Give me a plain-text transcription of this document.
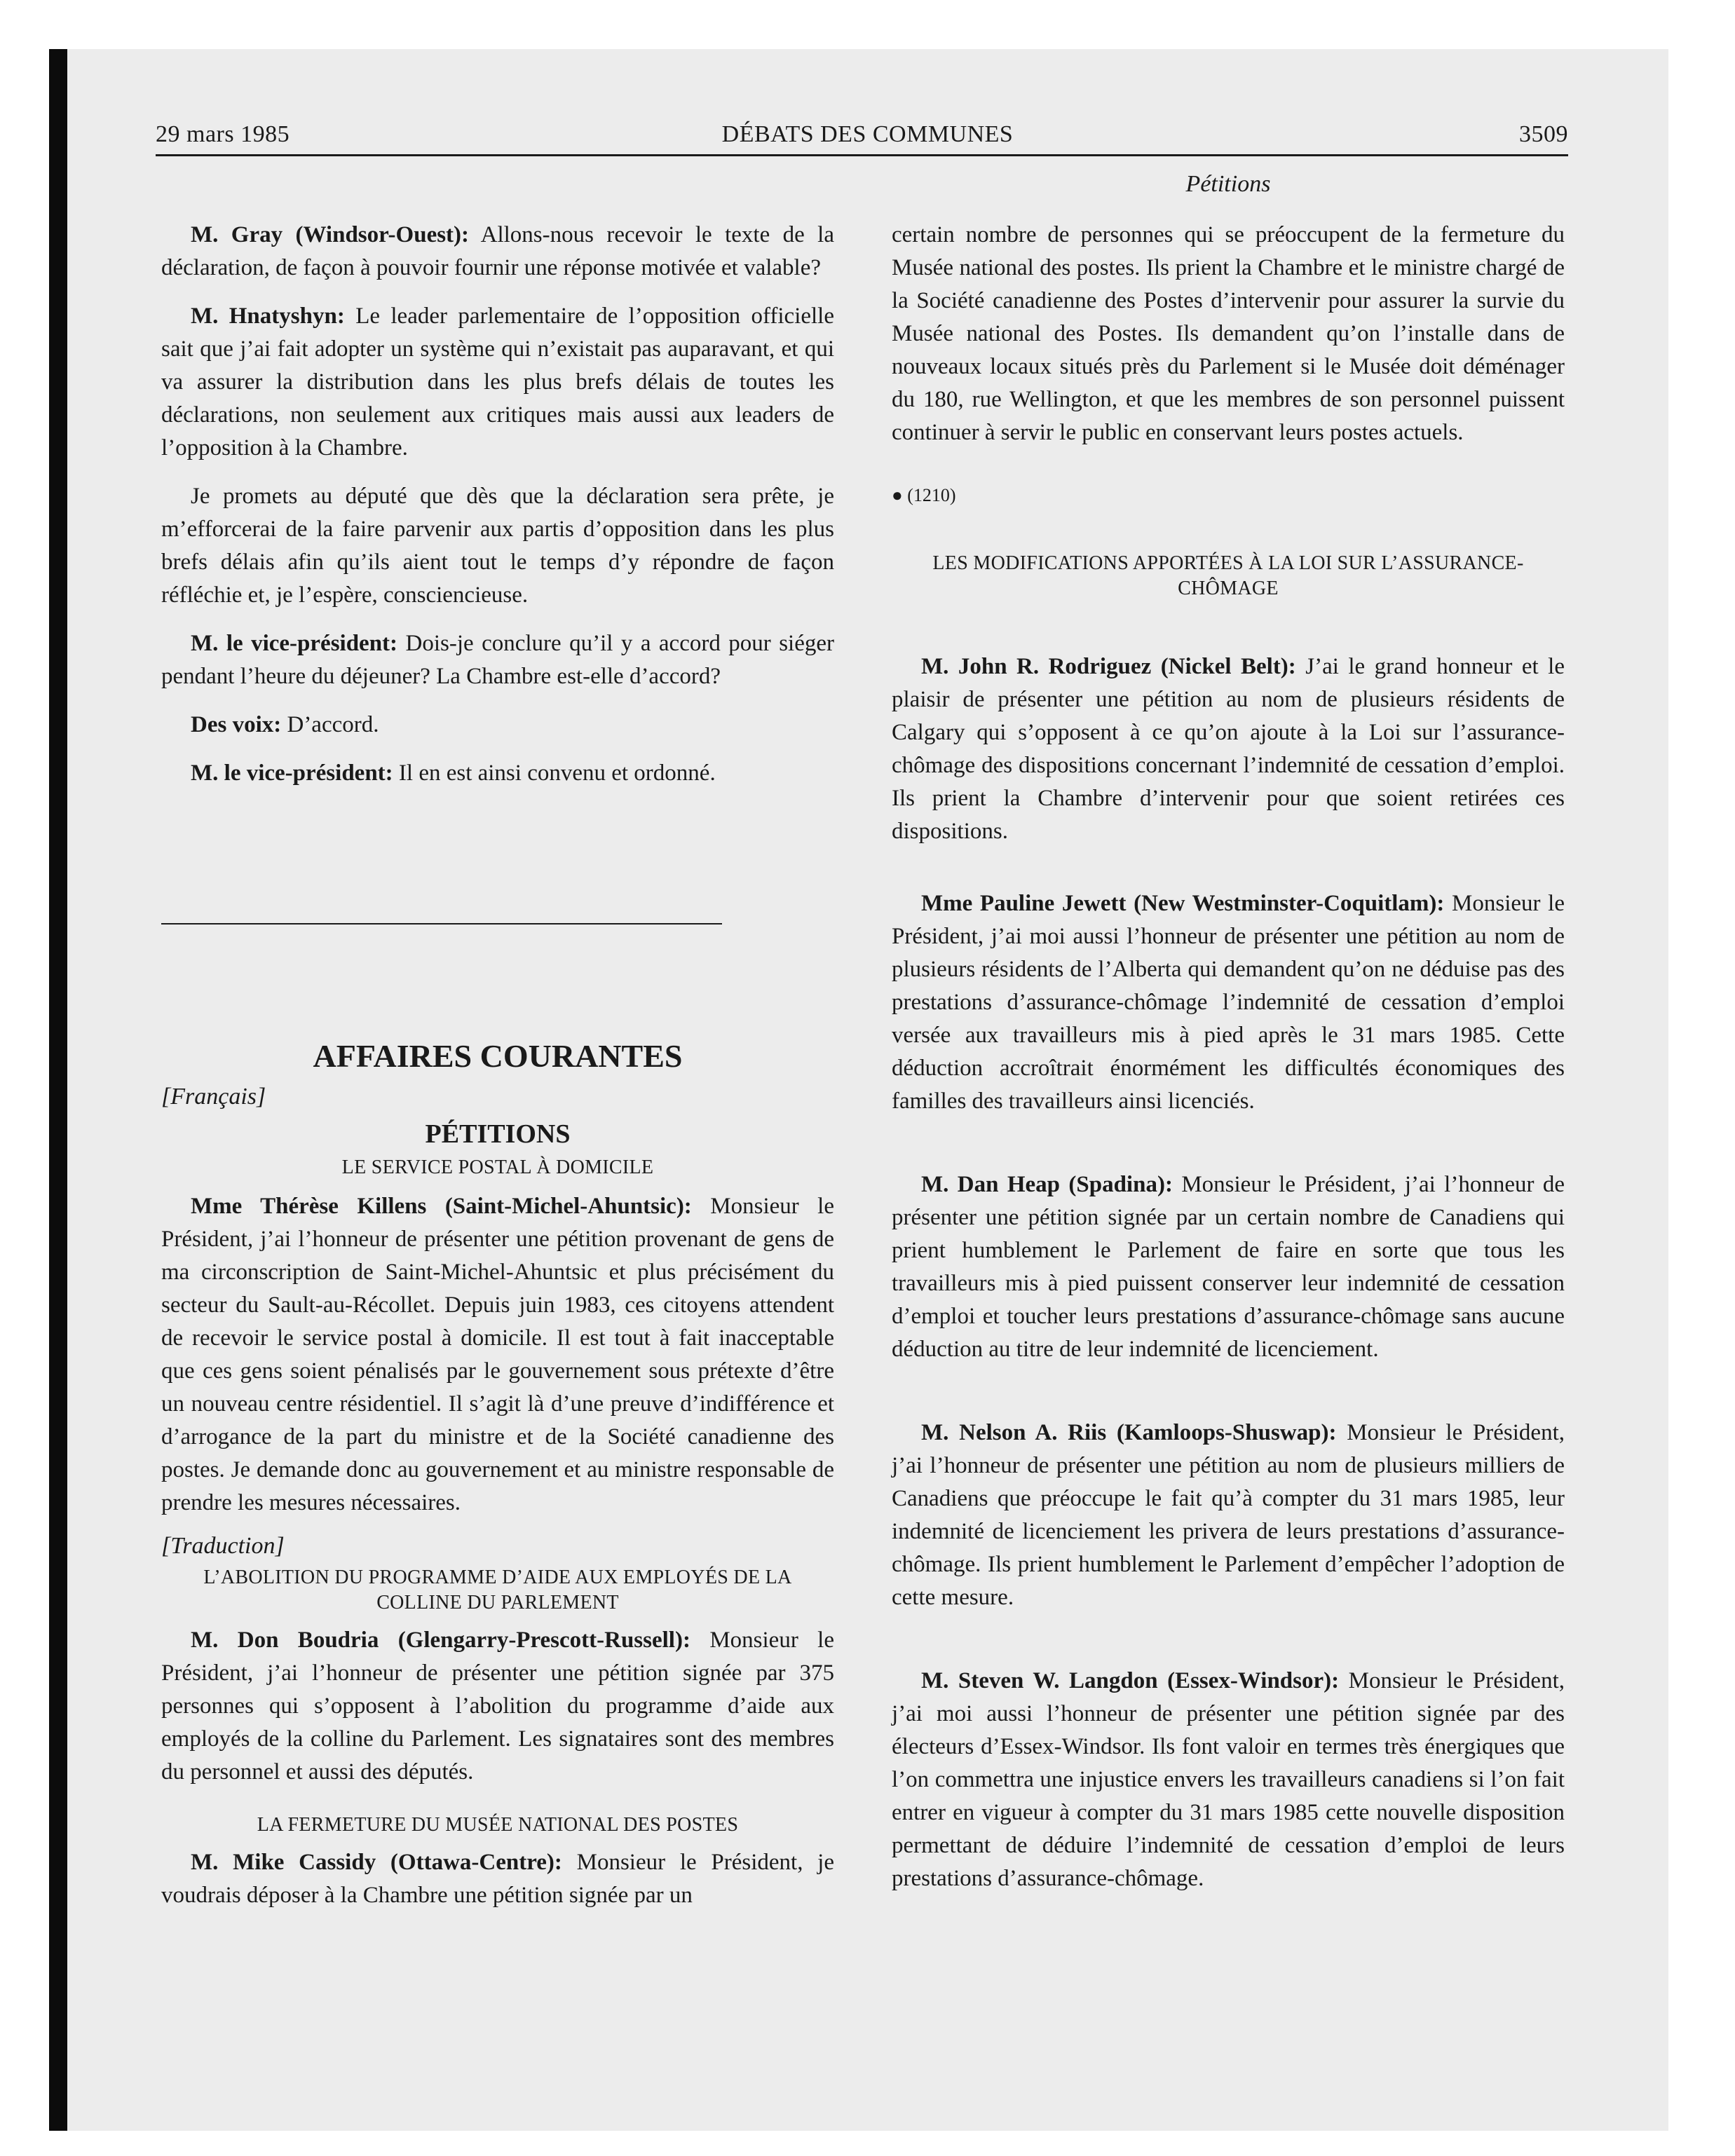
29 mars 1985	DÉBATS DES COMMUNES	3509

M. Gray (Windsor-Ouest): Allons-nous recevoir le texte de la déclaration, de façon à pouvoir fournir une réponse motivée et valable?

M. Hnatyshyn: Le leader parlementaire de l’opposition officielle sait que j’ai fait adopter un système qui n’existait pas auparavant, et qui va assurer la distribution dans les plus brefs délais de toutes les déclarations, non seulement aux critiques mais aussi aux leaders de l’opposition à la Chambre.

Je promets au député que dès que la déclaration sera prête, je m’efforcerai de la faire parvenir aux partis d’opposition dans les plus brefs délais afin qu’ils aient tout le temps d’y répondre de façon réfléchie et, je l’espère, consciencieuse.

M. le vice-président: Dois-je conclure qu’il y a accord pour siéger pendant l’heure du déjeuner? La Chambre est-elle d’accord?

Des voix: D’accord.

M. le vice-président: Il en est ainsi convenu et ordonné.

AFFAIRES COURANTES

[Français]

PÉTITIONS

LE SERVICE POSTAL À DOMICILE

Mme Thérèse Killens (Saint-Michel-Ahuntsic): Monsieur le Président, j’ai l’honneur de présenter une pétition provenant de gens de ma circonscription de Saint-Michel-Ahuntsic et plus précisément du secteur du Sault-au-Récollet. Depuis juin 1983, ces citoyens attendent de recevoir le service postal à domicile. Il est tout à fait inacceptable que ces gens soient pénalisés par le gouvernement sous prétexte d’être un nouveau centre résidentiel. Il s’agit là d’une preuve d’indifférence et d’arrogance de la part du ministre et de la Société canadienne des postes. Je demande donc au gouvernement et au ministre responsable de prendre les mesures nécessaires.

[Traduction]

L’ABOLITION DU PROGRAMME D’AIDE AUX EMPLOYÉS DE LA

COLLINE DU PARLEMENT

M. Don Boudria (Glengarry-Prescott-Russell): Monsieur le Président, j’ai l’honneur de présenter une pétition signée par 375 personnes qui s’opposent à l’abolition du programme d’aide aux employés de la colline du Parlement. Les signataires sont des membres du personnel et aussi des députés.

LA FERMETURE DU MUSÉE NATIONAL DES POSTES

M. Mike Cassidy (Ottawa-Centre): Monsieur le Président, je voudrais déposer à la Chambre une pétition signée par un

Pétitions

certain nombre de personnes qui se préoccupent de la fermeture du Musée national des postes. Ils prient la Chambre et le ministre chargé de la Société canadienne des Postes d’intervenir pour assurer la survie du Musée national des Postes. Ils demandent qu’on l’installe dans de nouveaux locaux situés près du Parlement si le Musée doit déménager du 180, rue Wellington, et que les membres de son personnel puissent continuer à servir le public en conservant leurs postes actuels.

● (1210)

LES MODIFICATIONS APPORTÉES À LA LOI SUR L’ASSURANCE-

CHÔMAGE

M. John R. Rodriguez (Nickel Belt): J’ai le grand honneur et le plaisir de présenter une pétition au nom de plusieurs résidents de Calgary qui s’opposent à ce qu’on ajoute à la Loi sur l’assurance-chômage des dispositions concernant l’indemnité de cessation d’emploi. Ils prient la Chambre d’intervenir pour que soient retirées ces dispositions.

Mme Pauline Jewett (New Westminster-Coquitlam): Monsieur le Président, j’ai moi aussi l’honneur de présenter une pétition au nom de plusieurs résidents de l’Alberta qui demandent qu’on ne déduise pas des prestations d’assurance-chômage l’indemnité de cessation d’emploi versée aux travailleurs mis à pied après le 31 mars 1985. Cette déduction accroîtrait énormément les difficultés économiques des familles des travailleurs ainsi licenciés.

M. Dan Heap (Spadina): Monsieur le Président, j’ai l’honneur de présenter une pétition signée par un certain nombre de Canadiens qui prient humblement le Parlement de faire en sorte que tous les travailleurs mis à pied puissent conserver leur indemnité de cessation d’emploi et toucher leurs prestations d’assurance-chômage sans aucune déduction au titre de leur indemnité de licenciement.

M. Nelson A. Riis (Kamloops-Shuswap): Monsieur le Président, j’ai l’honneur de présenter une pétition au nom de plusieurs milliers de Canadiens que préoccupe le fait qu’à compter du 31 mars 1985, leur indemnité de licenciement les privera de leurs prestations d’assurance-chômage. Ils prient humblement le Parlement d’empêcher l’adoption de cette mesure.

M. Steven W. Langdon (Essex-Windsor): Monsieur le Président, j’ai moi aussi l’honneur de présenter une pétition signée par des électeurs d’Essex-Windsor. Ils font valoir en termes très énergiques que l’on commettra une injustice envers les travailleurs canadiens si l’on fait entrer en vigueur à compter du 31 mars 1985 cette nouvelle disposition permettant de déduire l’indemnité de cessation d’emploi de leurs prestations d’assurance-chômage.
